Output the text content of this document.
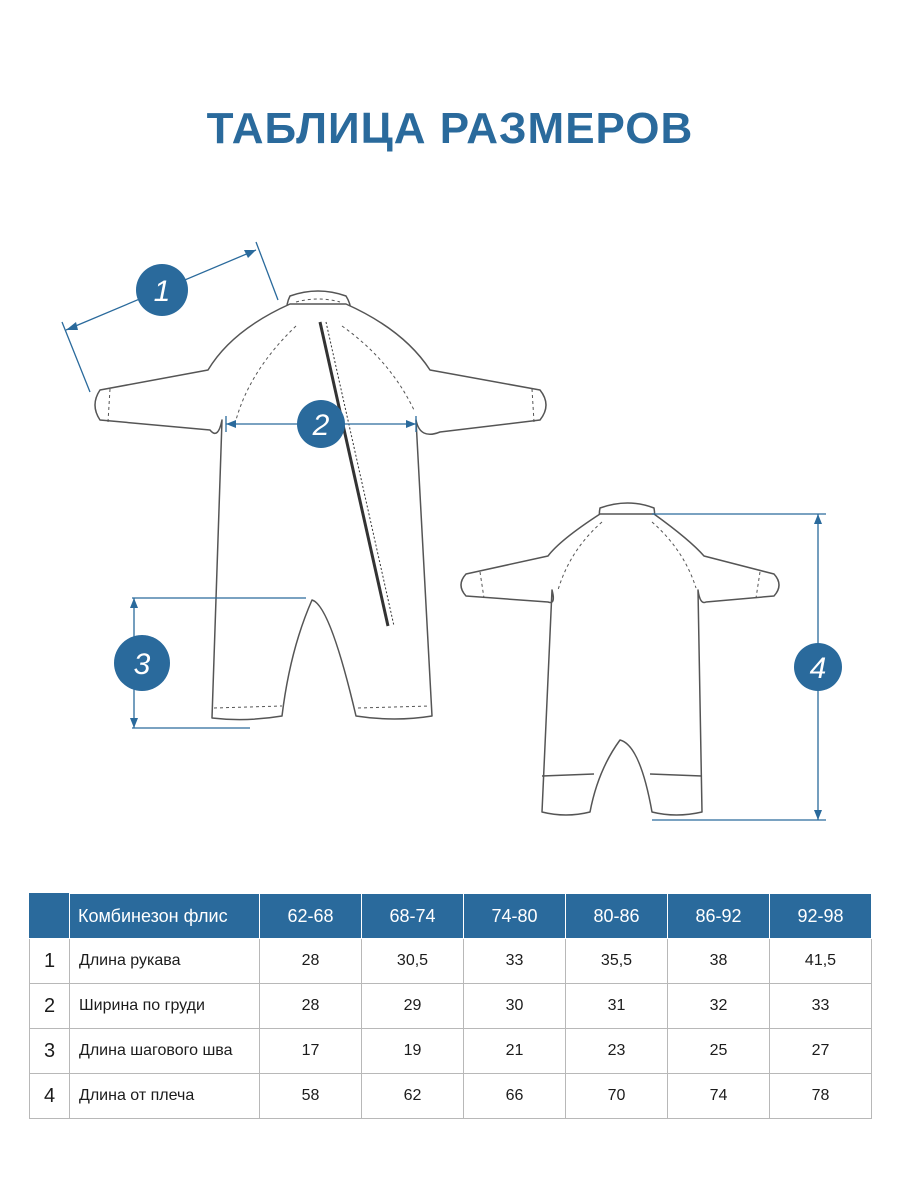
ТАБЛИЦА РАЗМЕРОВ
1
2
3	4
	Комбинезон флис	62-68	68-74	74-80	80-86	86-92	92-98
1	Длина рукава	28	30,5	33	35,5	38	41,5
2	Ширина по груди	28	29	30	31	32	33
3	Длина шагового шва	17	19	21	23	25	27
4	Длина от плеча	58	62	66	70	74	78
